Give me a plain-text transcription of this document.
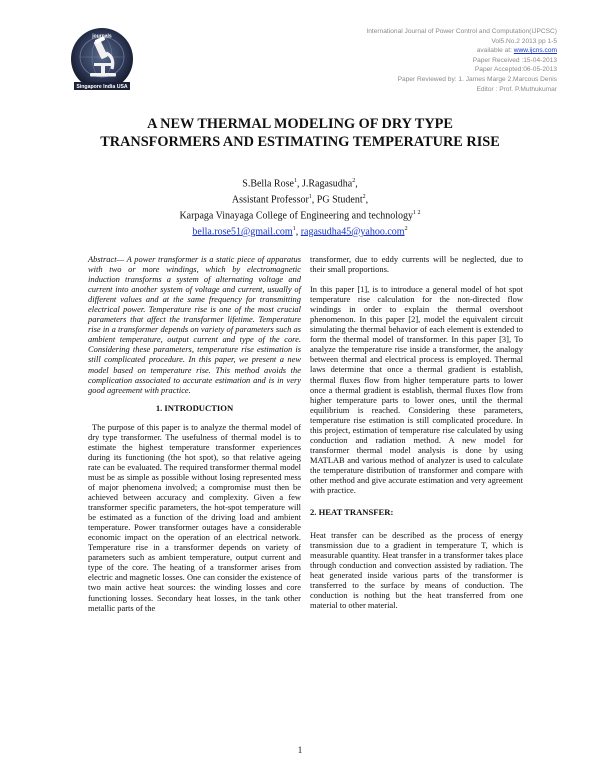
journals
Singapore India USA
International Journal of Power Control and Computation(IJPCSC)
Vol5.No.2 2013 pp 1-5
available at: www.ijcns.com
Paper Received :15-04-2013
Paper Accepted:06-05-2013
Paper Reviewed by: 1. James Marge 2.Marcous Denis
Editor : Prof. P.Muthukumar
A NEW THERMAL MODELING OF DRY TYPE TRANSFORMERS AND ESTIMATING TEMPERATURE RISE
S.Bella Rose$^1$, J.Ragasudha$^2$,
Assistant Professor$^1$, PG Student$^2$,
Karpaga Vinayaga College of Engineering and technology$^{1 2}$
bella.rose51@gmail.com$^1$, ragasudha45@yahoo.com$^2$

Abstract— A power transformer is a static piece of apparatus with two or more windings, which by electromagnetic induction transforms a system of alternating voltage and current into another system of voltage and current, usually of different values and at the same frequency for transmitting electrical power. Temperature rise is one of the most crucial parameters that affect the transformer lifetime. Temperature rise in a transformer depends on variety of parameters such as ambient temperature, output current and type of the core. Considering these parameters, temperature rise estimation is still complicated procedure. In this paper, we present a new model based on temperature rise. This method avoids the complication associated to accurate estimation and is in very good agreement with practice.

1. INTRODUCTION

The purpose of this paper is to analyze the thermal model of dry type transformer. The usefulness of thermal model is to estimate the highest temperature transformer experiences during its functioning (the hot spot), so that relative ageing rate can be evaluated. The required transformer thermal model must be as simple as possible without losing represented mess of major phenomena involved; a compromise must then be achieved between accuracy and complexity. Given a few transformer specific parameters, the hot-spot temperature will be estimated as a function of the driving load and ambient temperature. Power transformer outages have a considerable economic impact on the operation of an electrical network. Temperature rise in a transformer depends on variety of parameters such as ambient temperature, output current and type of the core. The heating of a transformer arises from electric and magnetic losses. One can consider the existence of two main active heat sources: the winding losses and core functioning losses. Secondary heat losses, in the tank other metallic parts of the

transformer, due to eddy currents will be neglected, due to their small proportions.

In this paper [1], is to introduce a general model of hot spot temperature rise calculation for the non-directed flow windings in order to explain the thermal overshoot phenomenon. In this paper [2], model the equivalent circuit simulating the thermal behavior of each element is extended to form the thermal model of transformer. In this paper [3], To analyze the temperature rise inside a transformer, the analogy between thermal and electrical process is employed. Thermal laws determine that once a thermal gradient is establish, thermal fluxes flow from higher temperature parts to lower once a thermal gradient is establish, thermal fluxes flow from higher temperature parts to lower ones, until the thermal equilibrium is reached. Considering these parameters, temperature rise estimation is still complicated procedure. In this project, estimation of temperature rise calculated by using conduction and radiation method. A new model for transformer thermal model analysis is done by using MATLAB and various method of analyzer is used to calculate the temperature distribution of transformer and compare with other method and give accurate estimation and very agreement with practice.

2. HEAT TRANSFER:

Heat transfer can be described as the process of energy transmission due to a gradient in temperature T, which is measurable quantity. Heat transfer in a transformer takes place through conduction and convection assisted by radiation. The heat generated inside various parts of the transformer is transferred to the surface by means of conduction. The conduction is nothing but the heat transferred from one material to other material.

1
